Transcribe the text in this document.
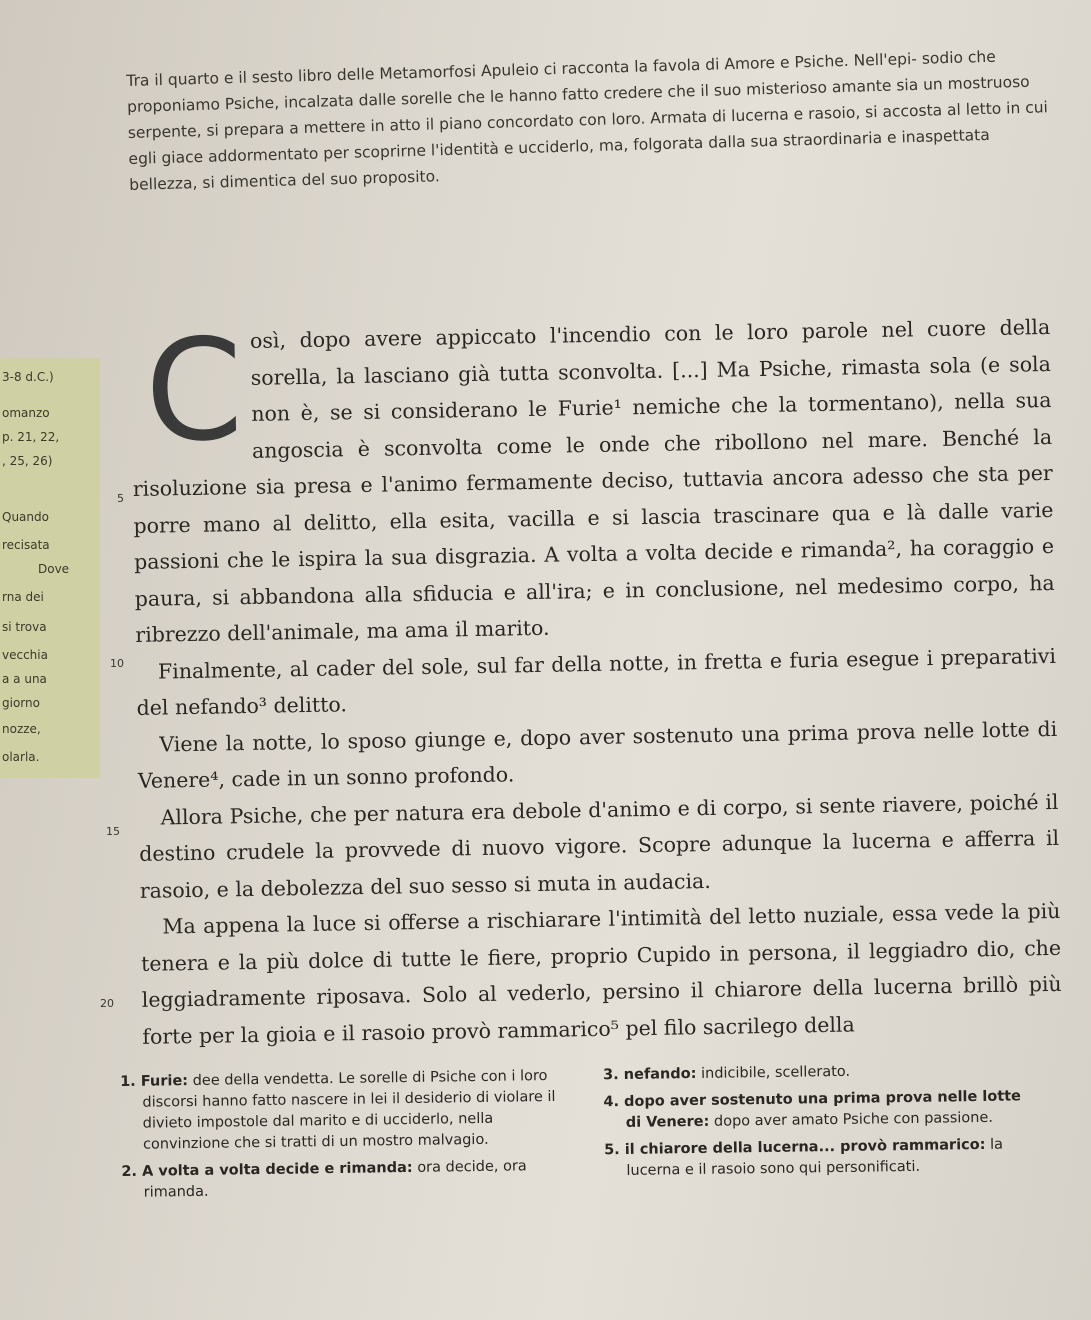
Tra il quarto e il sesto libro delle Metamorfosi Apuleio ci racconta la favola di Amore e Psiche. Nell'epi- sodio che proponiamo Psiche, incalzata dalle sorelle che le hanno fatto credere che il suo misterioso amante sia un mostruoso serpente, si prepara a mettere in atto il piano concordato con loro. Armata di lucerna e rasoio, si accosta al letto in cui egli giace addormentato per scoprirne l'identità e ucciderlo, ma, folgorata dalla sua straordinaria e inaspettata bellezza, si dimentica del suo proposito.

3-8 d.C.)
omanzo
p. 21, 22,
, 25, 26)
Quando
recisata
Dove
rna dei
si trova
vecchia
a a una
giorno
nozze,
olarla.
5
10
15
20

Così, dopo avere appiccato l'incendio con le loro parole nel cuore della sorella, la lasciano già tutta sconvolta. [...] Ma Psiche, rimasta sola (e sola non è, se si considerano le Furie¹ nemiche che la tormentano), nella sua angoscia è sconvolta come le onde che ribollono nel mare. Benché la risoluzione sia presa e l'animo fermamente deciso, tuttavia ancora adesso che sta per porre mano al delitto, ella esita, vacilla e si lascia trascinare qua e là dalle varie passioni che le ispira la sua disgrazia. A volta a volta decide e rimanda², ha coraggio e paura, si abbandona alla sfiducia e all'ira; e in conclusione, nel medesimo corpo, ha ribrezzo dell'animale, ma ama il marito.

Finalmente, al cader del sole, sul far della notte, in fretta e furia esegue i preparativi del nefando³ delitto.

Viene la notte, lo sposo giunge e, dopo aver sostenuto una prima prova nelle lotte di Venere⁴, cade in un sonno profondo.

Allora Psiche, che per natura era debole d'animo e di corpo, si sente riavere, poiché il destino crudele la provvede di nuovo vigore. Scopre adunque la lucerna e afferra il rasoio, e la debolezza del suo sesso si muta in audacia.

Ma appena la luce si offerse a rischiarare l'intimità del letto nuziale, essa vede la più tenera e la più dolce di tutte le fiere, proprio Cupido in persona, il leggiadro dio, che leggiadramente riposava. Solo al vederlo, persino il chiarore della lucerna brillò più forte per la gioia e il rasoio provò rammarico⁵ pel filo sacrilego della

1. Furie: dee della vendetta. Le sorelle di Psiche con i loro discorsi hanno fatto nascere in lei il desiderio di violare il divieto impostole dal marito e di ucciderlo, nella convinzione che si tratti di un mostro malvagio.

2. A volta a volta decide e rimanda: ora decide, ora rimanda.

3. nefando: indicibile, scellerato.

4. dopo aver sostenuto una prima prova nelle lotte di Venere: dopo aver amato Psiche con passione.

5. il chiarore della lucerna... provò rammarico: la lucerna e il rasoio sono qui personificati.
